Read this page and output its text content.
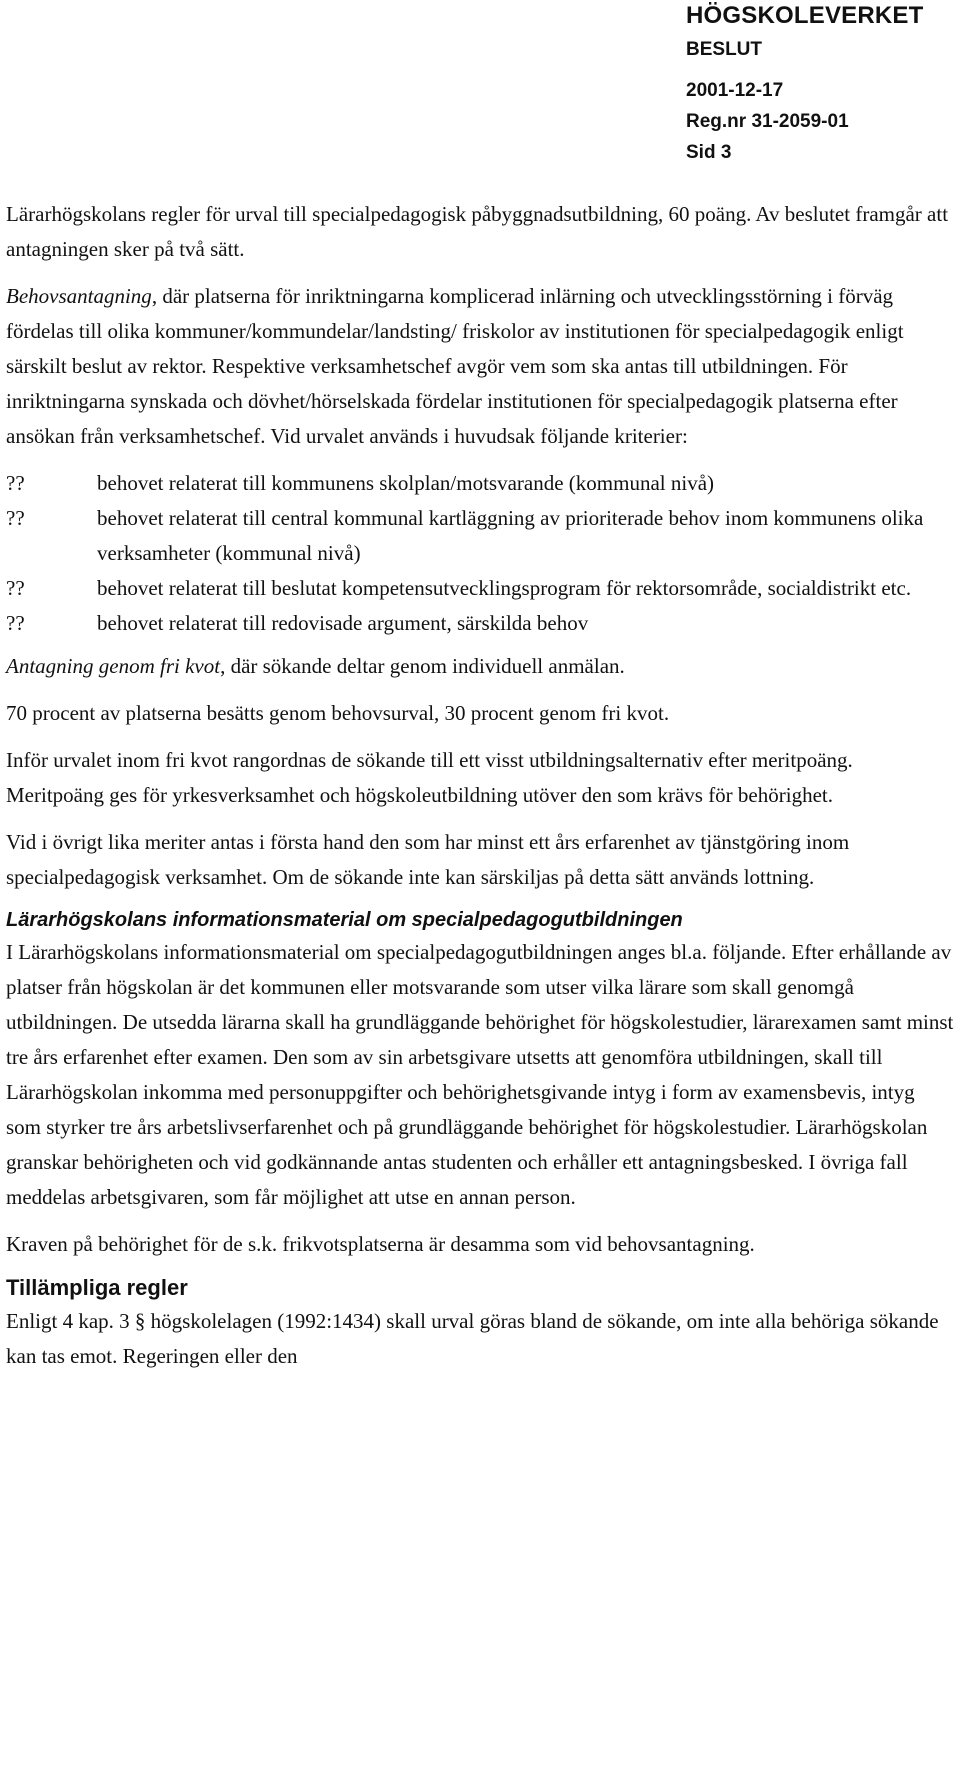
HÖGSKOLEVERKET
BESLUT
2001-12-17
Reg.nr 31-2059-01
Sid 3

Lärarhögskolans regler för urval till specialpedagogisk påbyggnadsutbildning, 60 poäng. Av beslutet framgår att antagningen sker på två sätt.

Behovsantagning, där platserna för inriktningarna komplicerad inlärning och utvecklingsstörning i förväg fördelas till olika kommuner/kommundelar/landsting/ friskolor av institutionen för specialpedagogik enligt särskilt beslut av rektor. Respektive verksamhetschef avgör vem som ska antas till utbildningen. För inriktningarna synskada och dövhet/hörselskada fördelar institutionen för specialpedagogik platserna efter ansökan från verksamhetschef. Vid urvalet används i huvudsak följande kriterier:

??	behovet relaterat till kommunens skolplan/motsvarande (kommunal nivå)
??	behovet relaterat till central kommunal kartläggning av prioriterade behov inom kommunens olika verksamheter (kommunal nivå)
??	behovet relaterat till beslutat kompetensutvecklingsprogram för rektorsområde, socialdistrikt etc.
??	behovet relaterat till redovisade argument, särskilda behov

Antagning genom fri kvot, där sökande deltar genom individuell anmälan.

70 procent av platserna besätts genom behovsurval, 30 procent genom fri kvot.

Inför urvalet inom fri kvot rangordnas de sökande till ett visst utbildningsalternativ efter meritpoäng. Meritpoäng ges för yrkesverksamhet och högskoleutbildning utöver den som krävs för behörighet.

Vid i övrigt lika meriter antas i första hand den som har minst ett års erfarenhet av tjänstgöring inom specialpedagogisk verksamhet. Om de sökande inte kan särskiljas på detta sätt används lottning.

Lärarhögskolans informationsmaterial om specialpedagogutbildningen

I Lärarhögskolans informationsmaterial om specialpedagogutbildningen anges bl.a. följande. Efter erhållande av platser från högskolan är det kommunen eller motsvarande som utser vilka lärare som skall genomgå utbildningen. De utsedda lärarna skall ha grundläggande behörighet för högskolestudier, lärarexamen samt minst tre års erfarenhet efter examen. Den som av sin arbetsgivare utsetts att genomföra utbildningen, skall till Lärarhögskolan inkomma med personuppgifter och behörighetsgivande intyg i form av examensbevis, intyg som styrker tre års arbetslivserfarenhet och på grundläggande behörighet för högskolestudier. Lärarhögskolan granskar behörigheten och vid godkännande antas studenten och erhåller ett antagningsbesked. I övriga fall meddelas arbetsgivaren, som får möjlighet att utse en annan person.

Kraven på behörighet för de s.k. frikvotsplatserna är desamma som vid behovsantagning.

Tillämpliga regler

Enligt 4 kap. 3 § högskolelagen (1992:1434) skall urval göras bland de sökande, om inte alla behöriga sökande kan tas emot. Regeringen eller den
